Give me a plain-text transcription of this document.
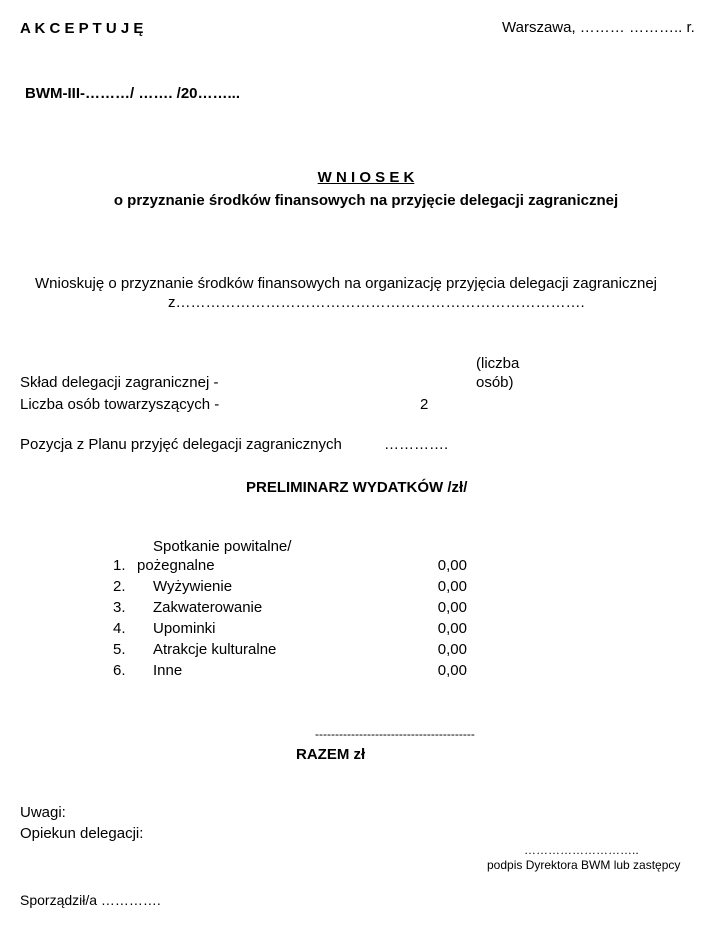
A K C E P T U J Ę	Warszawa, ……… ……….. r.
BWM-III-………/ ……. /20……...
W N I O S E K
o przyznanie środków finansowych na przyjęcie delegacji zagranicznej
Wnioskuję o przyznanie środków finansowych na organizację przyjęcia delegacji zagranicznej
z……………………………………………………………………….
(liczba
osób)
Skład delegacji zagranicznej -
Liczba osób towarzyszących -	2
Pozycja z Planu przyjęć delegacji zagranicznych	………….
PRELIMINARZ WYDATKÓW /zł/
Spotkanie powitalne/
1. pożegnalne	0,00
2. Wyżywienie	0,00
3. Zakwaterowanie	0,00
4. Upominki	0,00
5. Atrakcje kulturalne	0,00
6. Inne	0,00
----------------------------------------
RAZEM zł
Uwagi:
Opiekun delegacji:
………………………..
podpis Dyrektora BWM lub zastępcy
Sporządził/a ………….
